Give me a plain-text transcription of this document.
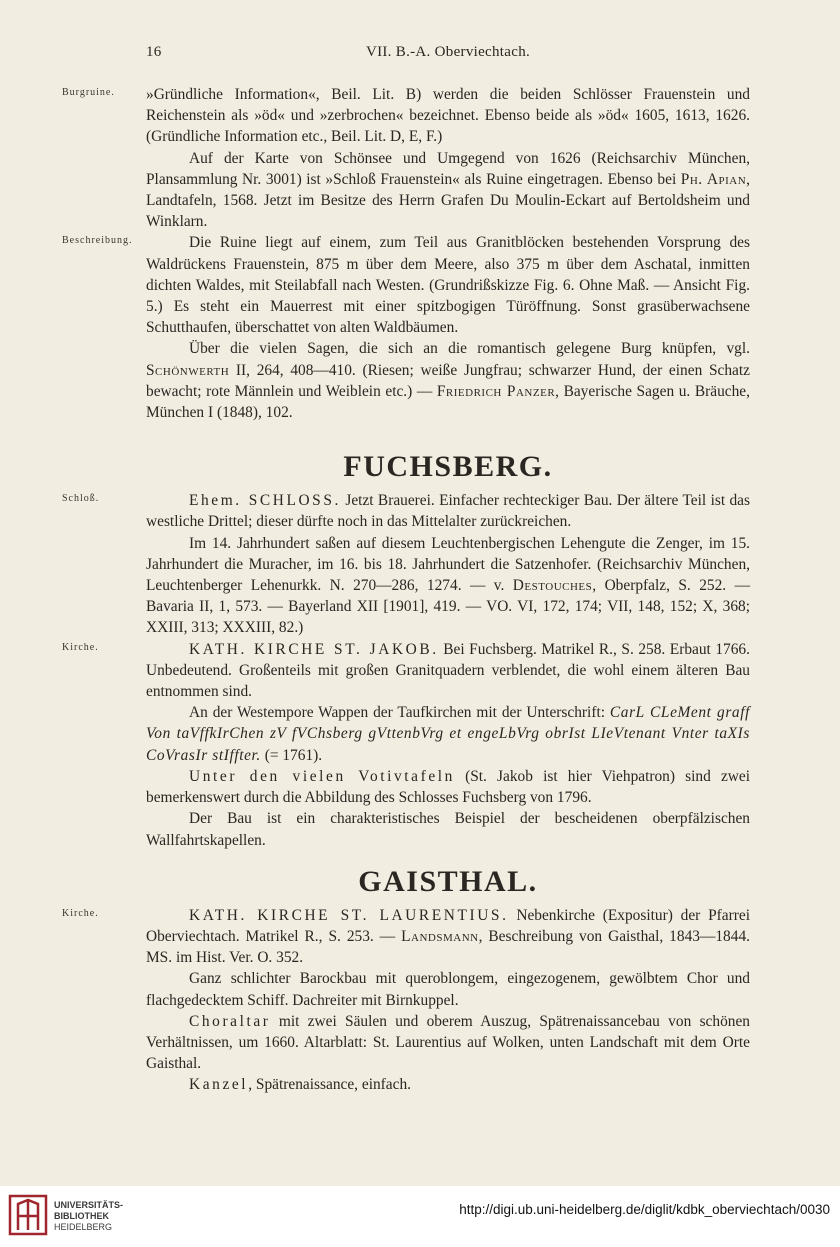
16	VII. B.-A. Oberviechtach.
Burgruine.	»Gründliche Information«, Beil. Lit. B) werden die beiden Schlösser Frauenstein und Reichenstein als »öd« und »zerbrochen« bezeichnet. Ebenso beide als »öd« 1605, 1613, 1626. (Gründliche Information etc., Beil. Lit. D, E, F.)

Auf der Karte von Schönsee und Umgegend von 1626 (Reichsarchiv München, Plansammlung Nr. 3001) ist »Schloß Frauenstein« als Ruine eingetragen. Ebenso bei Ph. Apian, Landtafeln, 1568. Jetzt im Besitze des Herrn Grafen Du Moulin-Eckart auf Bertoldsheim und Winklarn.

Beschreibung.	Die Ruine liegt auf einem, zum Teil aus Granitblöcken bestehenden Vorsprung des Waldrückens Frauenstein, 875 m über dem Meere, also 375 m über dem Aschatal, inmitten dichten Waldes, mit Steilabfall nach Westen. (Grundrißskizze Fig. 6. Ohne Maß. — Ansicht Fig. 5.) Es steht ein Mauerrest mit einer spitzbogigen Türöffnung. Sonst grasüberwachsene Schutthaufen, überschattet von alten Waldbäumen.

Über die vielen Sagen, die sich an die romantisch gelegene Burg knüpfen, vgl. Schönwerth II, 264, 408—410. (Riesen; weiße Jungfrau; schwarzer Hund, der einen Schatz bewacht; rote Männlein und Weiblein etc.) — Friedrich Panzer, Bayerische Sagen u. Bräuche, München I (1848), 102.

FUCHSBERG.
Schloß.	Ehem. SCHLOSS. Jetzt Brauerei. Einfacher rechteckiger Bau. Der ältere Teil ist das westliche Drittel; dieser dürfte noch in das Mittelalter zurückreichen.

Im 14. Jahrhundert saßen auf diesem Leuchtenbergischen Lehengute die Zenger, im 15. Jahrhundert die Muracher, im 16. bis 18. Jahrhundert die Satzenhofer. (Reichsarchiv München, Leuchtenberger Lehenurkk. N. 270—286, 1274. — v. Destouches, Oberpfalz, S. 252. — Bavaria II, 1, 573. — Bayerland XII [1901], 419. — VO. VI, 172, 174; VII, 148, 152; X, 368; XXIII, 313; XXXIII, 82.)

Kirche.	KATH. KIRCHE ST. JAKOB. Bei Fuchsberg. Matrikel R., S. 258. Erbaut 1766. Unbedeutend. Großenteils mit großen Granitquadern verblendet, die wohl einem älteren Bau entnommen sind.

An der Westempore Wappen der Taufkirchen mit der Unterschrift: CarL CLeMent graff Von taVffkIrChen zV fVChsberg gVttenbVrg et engeLbVrg obrIst LIeVtenant Vnter taXIs CoVrasIr stIffter. (= 1761).

Unter den vielen Votivtafeln (St. Jakob ist hier Viehpatron) sind zwei bemerkenswert durch die Abbildung des Schlosses Fuchsberg von 1796.

Der Bau ist ein charakteristisches Beispiel der bescheidenen oberpfälzischen Wallfahrtskapellen.

GAISTHAL.
Kirche.	KATH. KIRCHE ST. LAURENTIUS. Nebenkirche (Expositur) der Pfarrei Oberviechtach. Matrikel R., S. 253. — Landsmann, Beschreibung von Gaisthal, 1843—1844. MS. im Hist. Ver. O. 352.

Ganz schlichter Barockbau mit queroblongem, eingezogenem, gewölbtem Chor und flachgedecktem Schiff. Dachreiter mit Birnkuppel.

Choraltar mit zwei Säulen und oberem Auszug, Spätrenaissancebau von schönen Verhältnissen, um 1660. Altarblatt: St. Laurentius auf Wolken, unten Landschaft mit dem Orte Gaisthal.

Kanzel, Spätrenaissance, einfach.

UNIVERSITÄTS-
BIBLIOTHEK
HEIDELBERG
http://digi.ub.uni-heidelberg.de/diglit/kdbk_oberviechtach/0030
